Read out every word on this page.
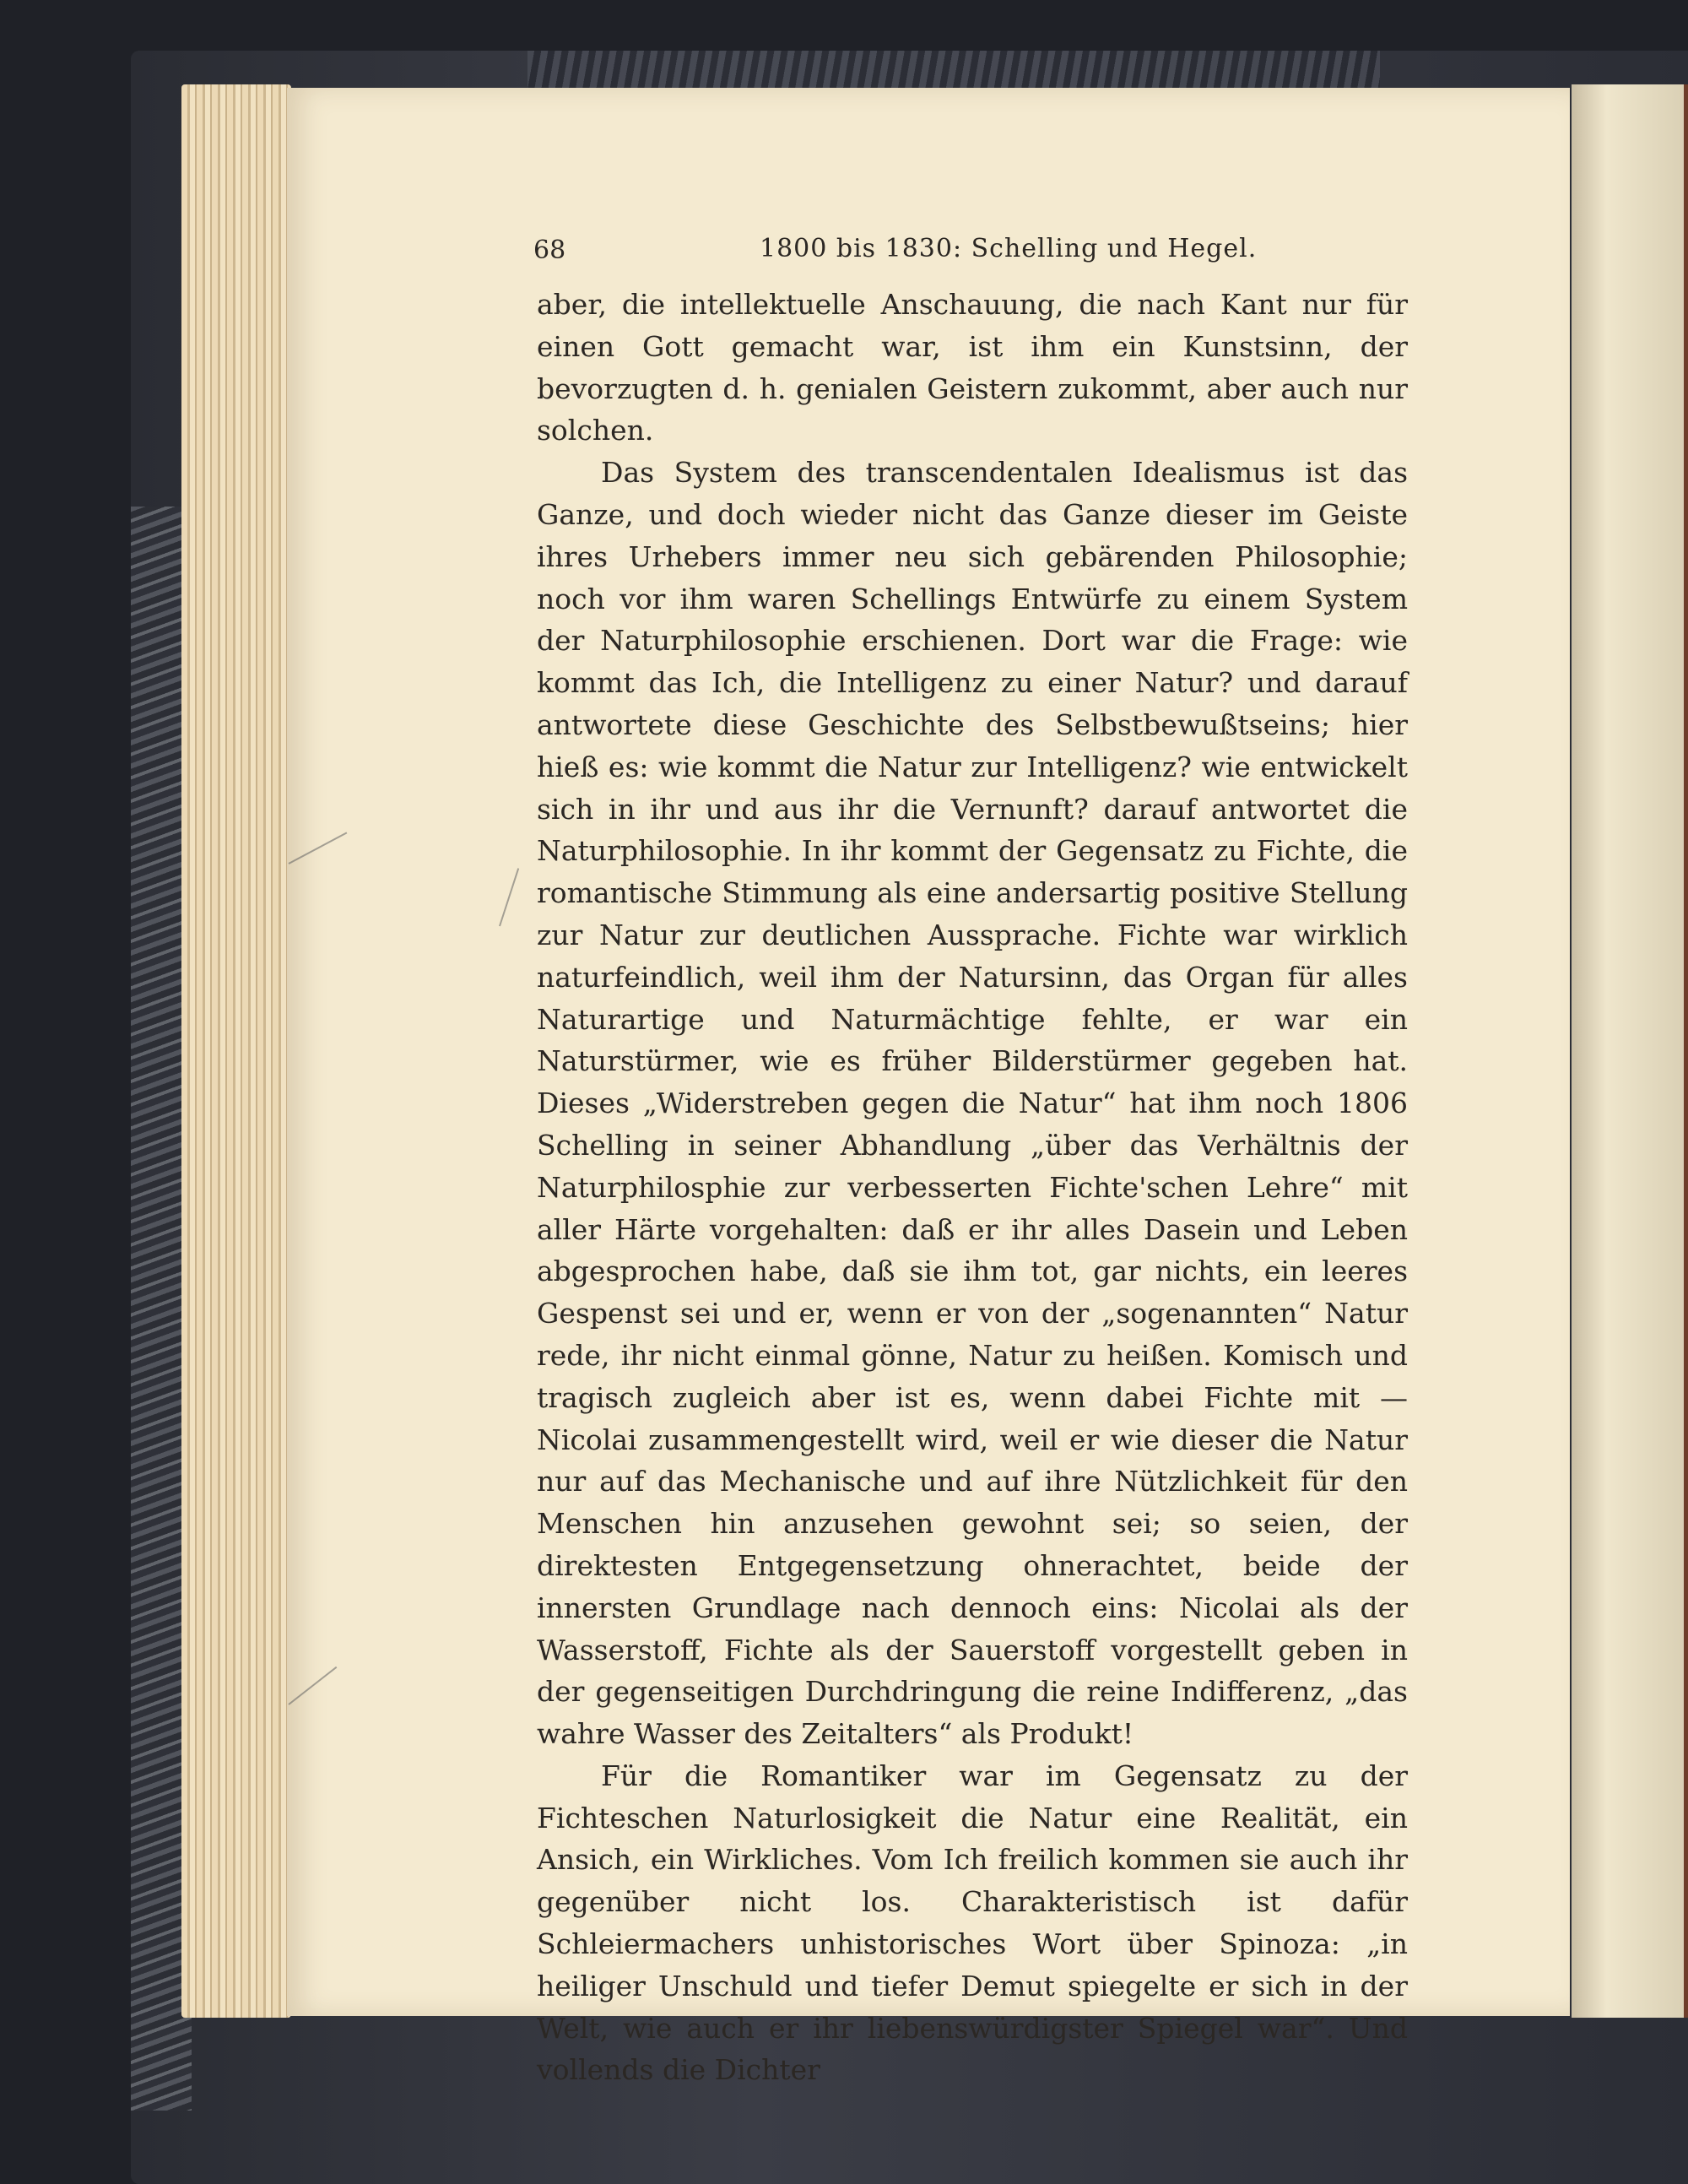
68	1800 bis 1830: Schelling und Hegel.

aber, die intellektuelle Anschauung, die nach Kant nur für einen Gott gemacht war, ist ihm ein Kunstsinn, der bevorzugten d. h. genialen Geistern zukommt, aber auch nur solchen.

Das System des transcendentalen Idealismus ist das Ganze, und doch wieder nicht das Ganze dieser im Geiste ihres Urhebers immer neu sich gebärenden Philosophie; noch vor ihm waren Schellings Entwürfe zu einem System der Naturphilosophie erschienen. Dort war die Frage: wie kommt das Ich, die Intelligenz zu einer Natur? und darauf antwortete diese Geschichte des Selbstbewußtseins; hier hieß es: wie kommt die Natur zur Intelligenz? wie entwickelt sich in ihr und aus ihr die Vernunft? darauf antwortet die Naturphilosophie. In ihr kommt der Gegensatz zu Fichte, die romantische Stimmung als eine andersartig positive Stellung zur Natur zur deutlichen Aussprache. Fichte war wirklich naturfeindlich, weil ihm der Natursinn, das Organ für alles Naturartige und Naturmächtige fehlte, er war ein Naturstürmer, wie es früher Bilderstürmer gegeben hat. Dieses „Widerstreben gegen die Natur“ hat ihm noch 1806 Schelling in seiner Abhandlung „über das Verhältnis der Naturphilosphie zur verbesserten Fichte'schen Lehre“ mit aller Härte vorgehalten: daß er ihr alles Dasein und Leben abgesprochen habe, daß sie ihm tot, gar nichts, ein leeres Gespenst sei und er, wenn er von der „sogenannten“ Natur rede, ihr nicht einmal gönne, Natur zu heißen. Komisch und tragisch zugleich aber ist es, wenn dabei Fichte mit — Nicolai zusammengestellt wird, weil er wie dieser die Natur nur auf das Mechanische und auf ihre Nützlichkeit für den Menschen hin anzusehen gewohnt sei; so seien, der direktesten Entgegensetzung ohnerachtet, beide der innersten Grundlage nach dennoch eins: Nicolai als der Wasserstoff, Fichte als der Sauerstoff vorgestellt geben in der gegenseitigen Durchdringung die reine Indifferenz, „das wahre Wasser des Zeitalters“ als Produkt!

Für die Romantiker war im Gegensatz zu der Fichteschen Naturlosigkeit die Natur eine Realität, ein Ansich, ein Wirkliches. Vom Ich freilich kommen sie auch ihr gegenüber nicht los. Charakteristisch ist dafür Schleiermachers unhistorisches Wort über Spinoza: „in heiliger Unschuld und tiefer Demut spiegelte er sich in der Welt, wie auch er ihr liebenswürdigster Spiegel war“. Und vollends die Dichter
